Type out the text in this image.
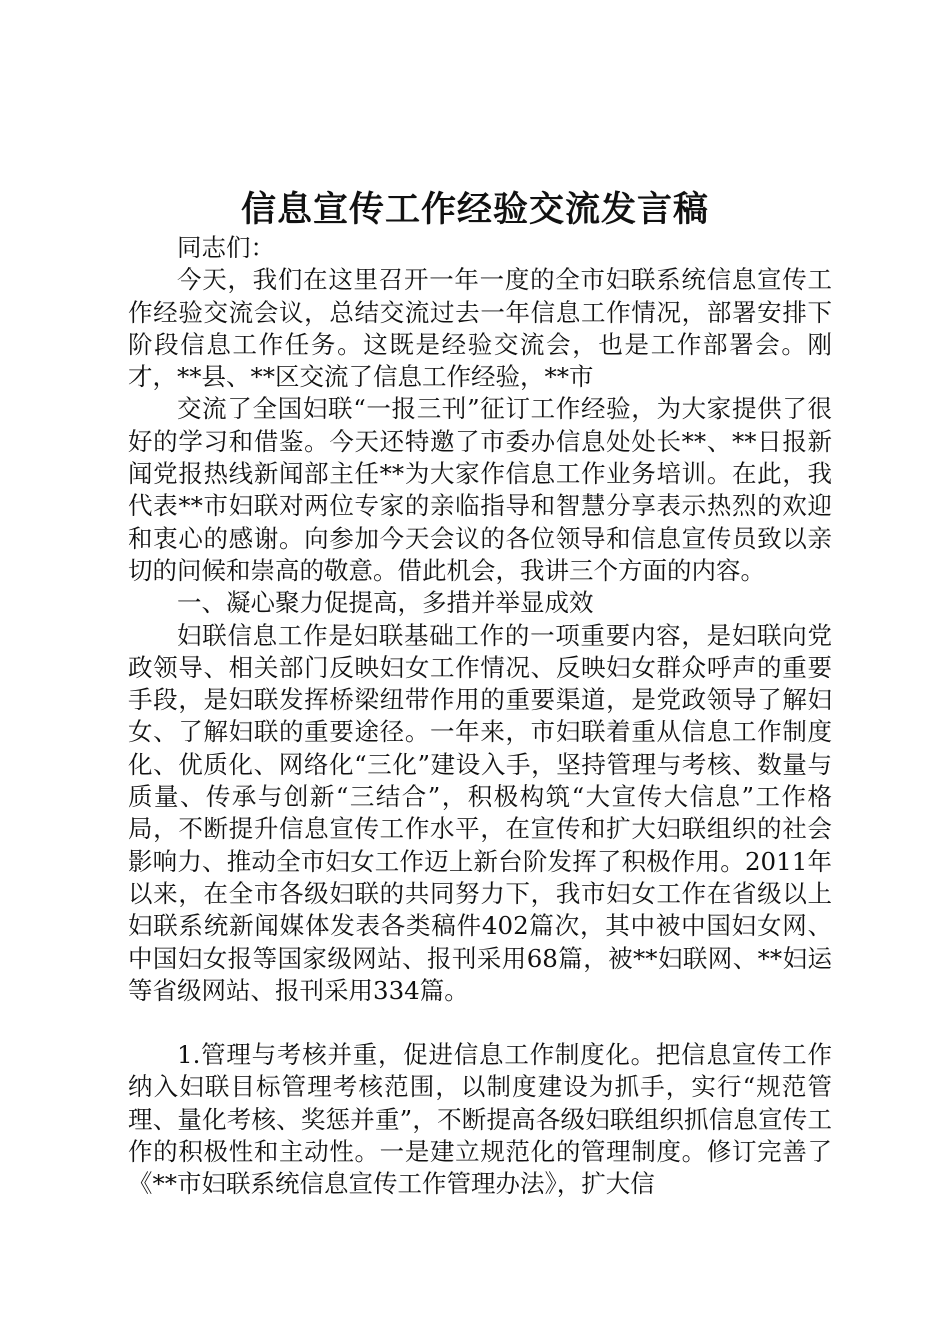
信息宣传工作经验交流发言稿

同志们：

今天，我们在这里召开一年一度的全市妇联系统信息宣传工作经验交流会议，总结交流过去一年信息工作情况，部署安排下阶段信息工作任务。这既是经验交流会，也是工作部署会。刚才，**县、**区交流了信息工作经验，**市

交流了全国妇联“一报三刊”征订工作经验，为大家提供了很好的学习和借鉴。今天还特邀了市委办信息处处长**、**日报新闻党报热线新闻部主任**为大家作信息工作业务培训。在此，我代表**市妇联对两位专家的亲临指导和智慧分享表示热烈的欢迎和衷心的感谢。向参加今天会议的各位领导和信息宣传员致以亲切的问候和崇高的敬意。借此机会，我讲三个方面的内容。

一、凝心聚力促提高，多措并举显成效

妇联信息工作是妇联基础工作的一项重要内容，是妇联向党政领导、相关部门反映妇女工作情况、反映妇女群众呼声的重要手段，是妇联发挥桥梁纽带作用的重要渠道，是党政领导了解妇女、了解妇联的重要途径。一年来，市妇联着重从信息工作制度化、优质化、网络化“三化”建设入手，坚持管理与考核、数量与质量、传承与创新“三结合”，积极构筑“大宣传大信息”工作格局，不断提升信息宣传工作水平，在宣传和扩大妇联组织的社会影响力、推动全市妇女工作迈上新台阶发挥了积极作用。2011年以来，在全市各级妇联的共同努力下，我市妇女工作在省级以上妇联系统新闻媒体发表各类稿件402篇次，其中被中国妇女网、中国妇女报等国家级网站、报刊采用68篇，被**妇联网、**妇运等省级网站、报刊采用334篇。

1.管理与考核并重，促进信息工作制度化。把信息宣传工作纳入妇联目标管理考核范围，以制度建设为抓手，实行“规范管理、量化考核、奖惩并重”，不断提高各级妇联组织抓信息宣传工作的积极性和主动性。一是建立规范化的管理制度。修订完善了《**市妇联系统信息宣传工作管理办法》，扩大信
